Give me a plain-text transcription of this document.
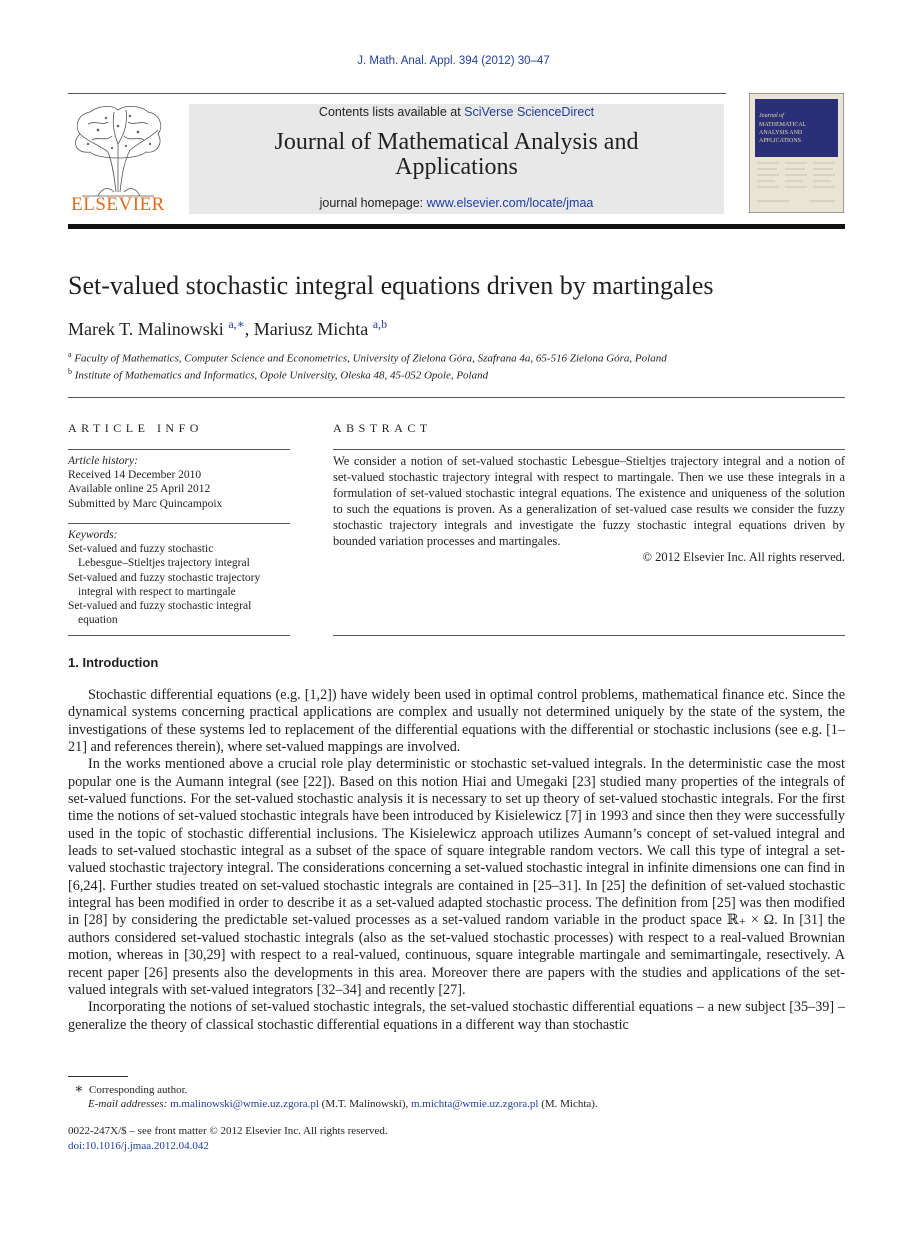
J. Math. Anal. Appl. 394 (2012) 30–47
ELSEVIER
Contents lists available at SciVerse ScienceDirect
Journal of Mathematical Analysis and
Applications
journal homepage: www.elsevier.com/locate/jmaa
Journal of
MATHEMATICAL
ANALYSIS AND
APPLICATIONS
Set-valued stochastic integral equations driven by martingales
Marek T. Malinowski $^{a,∗}$, Mariusz Michta $^{a,b}$
$^a$ Faculty of Mathematics, Computer Science and Econometrics, University of Zielona Góra, Szafrana 4a, 65-516 Zielona Góra, Poland
$^b$ Institute of Mathematics and Informatics, Opole University, Oleska 48, 45-052 Opole, Poland
ARTICLE INFO
Article history:
Received 14 December 2010
Available online 25 April 2012
Submitted by Marc Quincampoix
Keywords:
Set-valued and fuzzy stochastic
Lebesgue–Stieltjes trajectory integral
Set-valued and fuzzy stochastic trajectory
integral with respect to martingale
Set-valued and fuzzy stochastic integral
equation
ABSTRACT
We consider a notion of set-valued stochastic Lebesgue–Stieltjes trajectory integral and a notion of set-valued stochastic trajectory integral with respect to martingale. Then we use these integrals in a formulation of set-valued stochastic integral equations. The existence and uniqueness of the solution to such the equations is proven. As a generalization of set-valued case results we consider the fuzzy stochastic trajectory integrals and investigate the fuzzy stochastic integral equations driven by bounded variation processes and martingales.
© 2012 Elsevier Inc. All rights reserved.
1. Introduction

Stochastic differential equations (e.g. [1,2]) have widely been used in optimal control problems, mathematical finance etc. Since the dynamical systems concerning practical applications are complex and usually not determined uniquely by the state of the system, the investigations of these systems led to replacement of the differential equations with the differential or stochastic inclusions (see e.g. [1–21] and references therein), where set-valued mappings are involved.

In the works mentioned above a crucial role play deterministic or stochastic set-valued integrals. In the deterministic case the most popular one is the Aumann integral (see [22]). Based on this notion Hiai and Umegaki [23] studied many properties of the integrals of set-valued functions. For the set-valued stochastic analysis it is necessary to set up theory of set-valued stochastic integrals. For the first time the notions of set-valued stochastic integrals have been introduced by Kisielewicz [7] in 1993 and since then they were successfully used in the topic of stochastic differential inclusions. The Kisielewicz approach utilizes Aumann’s concept of set-valued integral and leads to set-valued stochastic integral as a subset of the space of square integrable random vectors. We call this type of integral a set-valued stochastic trajectory integral. The considerations concerning a set-valued stochastic integral in infinite dimensions one can find in [6,24]. Further studies treated on set-valued stochastic integrals are contained in [25–31]. In [25] the definition of set-valued stochastic integral has been modified in order to describe it as a set-valued adapted stochastic process. The definition from [25] was then modified in [28] by considering the predictable set-valued processes as a set-valued random variable in the product space ℝ₊ × Ω. In [31] the authors considered set-valued stochastic integrals (also as the set-valued stochastic processes) with respect to a real-valued Brownian motion, whereas in [30,29] with respect to a real-valued, continuous, square integrable martingale and semimartingale, resectively. A recent paper [26] presents also the developments in this area. Moreover there are papers with the studies and applications of the set-valued integrals with set-valued integrators [32–34] and recently [27].

Incorporating the notions of set-valued stochastic integrals, the set-valued stochastic differential equations – a new subject [35–39] – generalize the theory of classical stochastic differential equations in a different way than stochastic

∗ Corresponding author.
E-mail addresses: m.malinowski@wmie.uz.zgora.pl (M.T. Malinowski), m.michta@wmie.uz.zgora.pl (M. Michta).
0022-247X/$ – see front matter © 2012 Elsevier Inc. All rights reserved.
doi:10.1016/j.jmaa.2012.04.042
